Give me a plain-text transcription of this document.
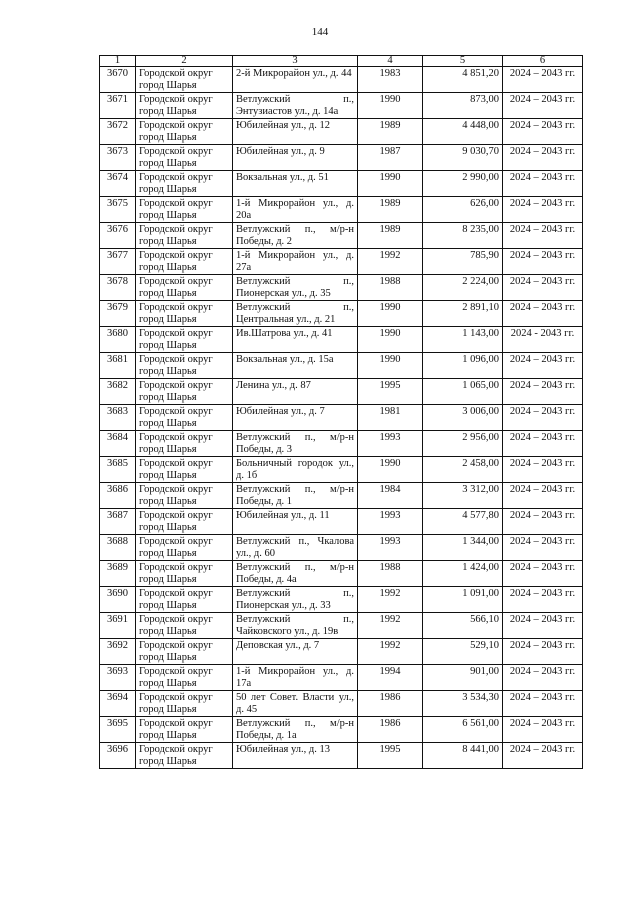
144
1	2	3	4	5	6
3670	Городской округ город Шарья	2-й Микрорайон ул., д. 44	1983	4 851,20	2024 – 2043 гг.
3671	Городской округ город Шарья	Ветлужский п., Энтузиастов ул., д. 14а	1990	873,00	2024 – 2043 гг.
3672	Городской округ город Шарья	Юбилейная ул., д. 12	1989	4 448,00	2024 – 2043 гг.
3673	Городской округ город Шарья	Юбилейная ул., д. 9	1987	9 030,70	2024 – 2043 гг.
3674	Городской округ город Шарья	Вокзальная ул., д. 51	1990	2 990,00	2024 – 2043 гг.
3675	Городской округ город Шарья	1-й Микрорайон ул., д. 20а	1989	626,00	2024 – 2043 гг.
3676	Городской округ город Шарья	Ветлужский п., м/р-н Победы, д. 2	1989	8 235,00	2024 – 2043 гг.
3677	Городской округ город Шарья	1-й Микрорайон ул., д. 27а	1992	785,90	2024 – 2043 гг.
3678	Городской округ город Шарья	Ветлужский п., Пионерская ул., д. 35	1988	2 224,00	2024 – 2043 гг.
3679	Городской округ город Шарья	Ветлужский п., Центральная ул., д. 21	1990	2 891,10	2024 – 2043 гг.
3680	Городской округ город Шарья	Ив.Шатрова ул., д. 41	1990	1 143,00	2024 - 2043 гг.
3681	Городской округ город Шарья	Вокзальная ул., д. 15а	1990	1 096,00	2024 – 2043 гг.
3682	Городской округ город Шарья	Ленина ул., д. 87	1995	1 065,00	2024 – 2043 гг.
3683	Городской округ город Шарья	Юбилейная ул., д. 7	1981	3 006,00	2024 – 2043 гг.
3684	Городской округ город Шарья	Ветлужский п., м/р-н Победы, д. 3	1993	2 956,00	2024 – 2043 гг.
3685	Городской округ город Шарья	Больничный городок ул., д. 1б	1990	2 458,00	2024 – 2043 гг.
3686	Городской округ город Шарья	Ветлужский п., м/р-н Победы, д. 1	1984	3 312,00	2024 – 2043 гг.
3687	Городской округ город Шарья	Юбилейная ул., д. 11	1993	4 577,80	2024 – 2043 гг.
3688	Городской округ город Шарья	Ветлужский п., Чкалова ул., д. 60	1993	1 344,00	2024 – 2043 гг.
3689	Городской округ город Шарья	Ветлужский п., м/р-н Победы, д. 4а	1988	1 424,00	2024 – 2043 гг.
3690	Городской округ город Шарья	Ветлужский п., Пионерская ул., д. 33	1992	1 091,00	2024 – 2043 гг.
3691	Городской округ город Шарья	Ветлужский п., Чайковского ул., д. 19в	1992	566,10	2024 – 2043 гг.
3692	Городской округ город Шарья	Деповская ул., д. 7	1992	529,10	2024 – 2043 гг.
3693	Городской округ город Шарья	1-й Микрорайон ул., д. 17а	1994	901,00	2024 – 2043 гг.
3694	Городской округ город Шарья	50 лет Совет. Власти ул., д. 45	1986	3 534,30	2024 – 2043 гг.
3695	Городской округ город Шарья	Ветлужский п., м/р-н Победы, д. 1а	1986	6 561,00	2024 – 2043 гг.
3696	Городской округ город Шарья	Юбилейная ул., д. 13	1995	8 441,00	2024 – 2043 гг.
